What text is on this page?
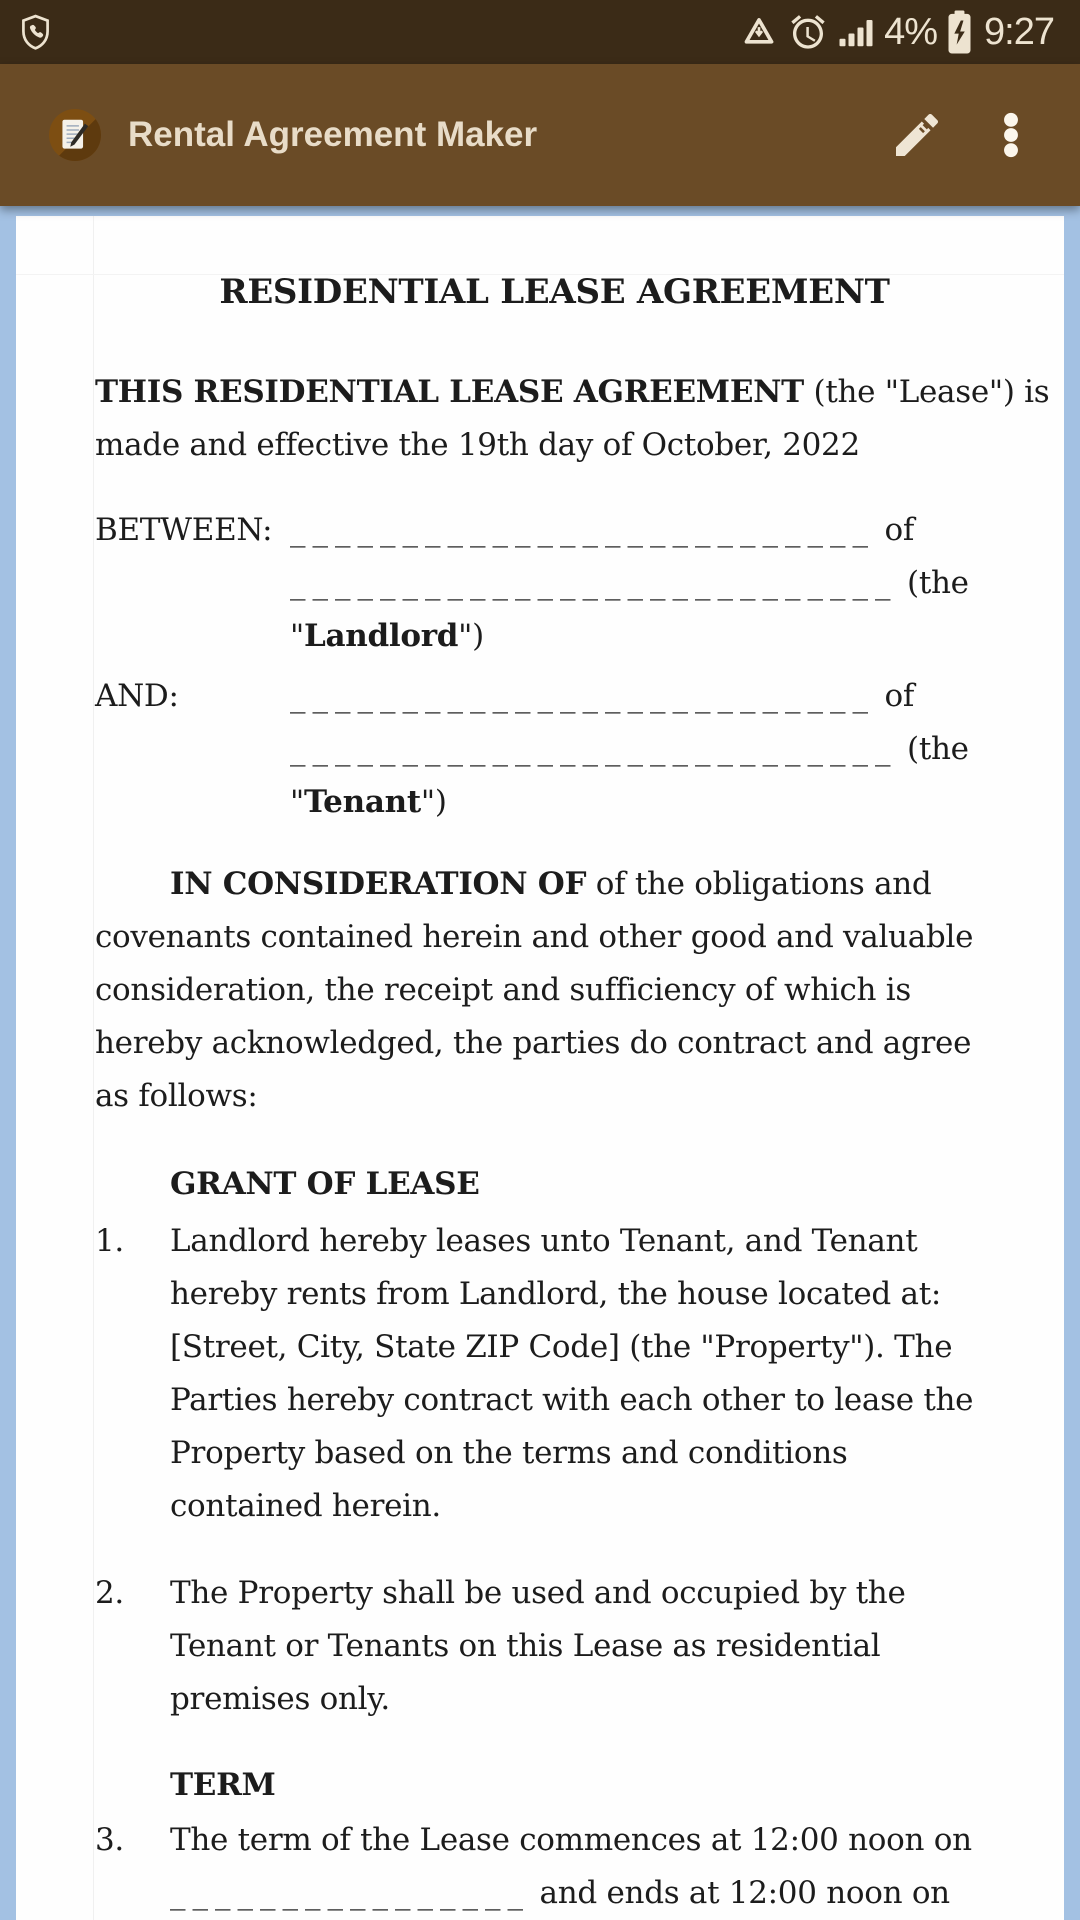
4% 9:27
Rental Agreement Maker
RESIDENTIAL LEASE AGREEMENT
THIS RESIDENTIAL LEASE AGREEMENT (the "Lease") is
made and effective the 19th day of October, 2022
BETWEEN: __________________________ of
___________________________ (the
"Landlord")
AND:	__________________________ of
___________________________ (the
"Tenant")
IN CONSIDERATION OF of the obligations and
covenants contained herein and other good and valuable
consideration, the receipt and sufficiency of which is
hereby acknowledged, the parties do contract and agree
as follows:
GRANT OF LEASE
1.	Landlord hereby leases unto Tenant, and Tenant
hereby rents from Landlord, the house located at:
[Street, City, State ZIP Code] (the "Property"). The
Parties hereby contract with each other to lease the
Property based on the terms and conditions
contained herein.
2.	The Property shall be used and occupied by the
Tenant or Tenants on this Lease as residential
premises only.
TERM
3.	The term of the Lease commences at 12:00 noon on
________________ and ends at 12:00 noon on
